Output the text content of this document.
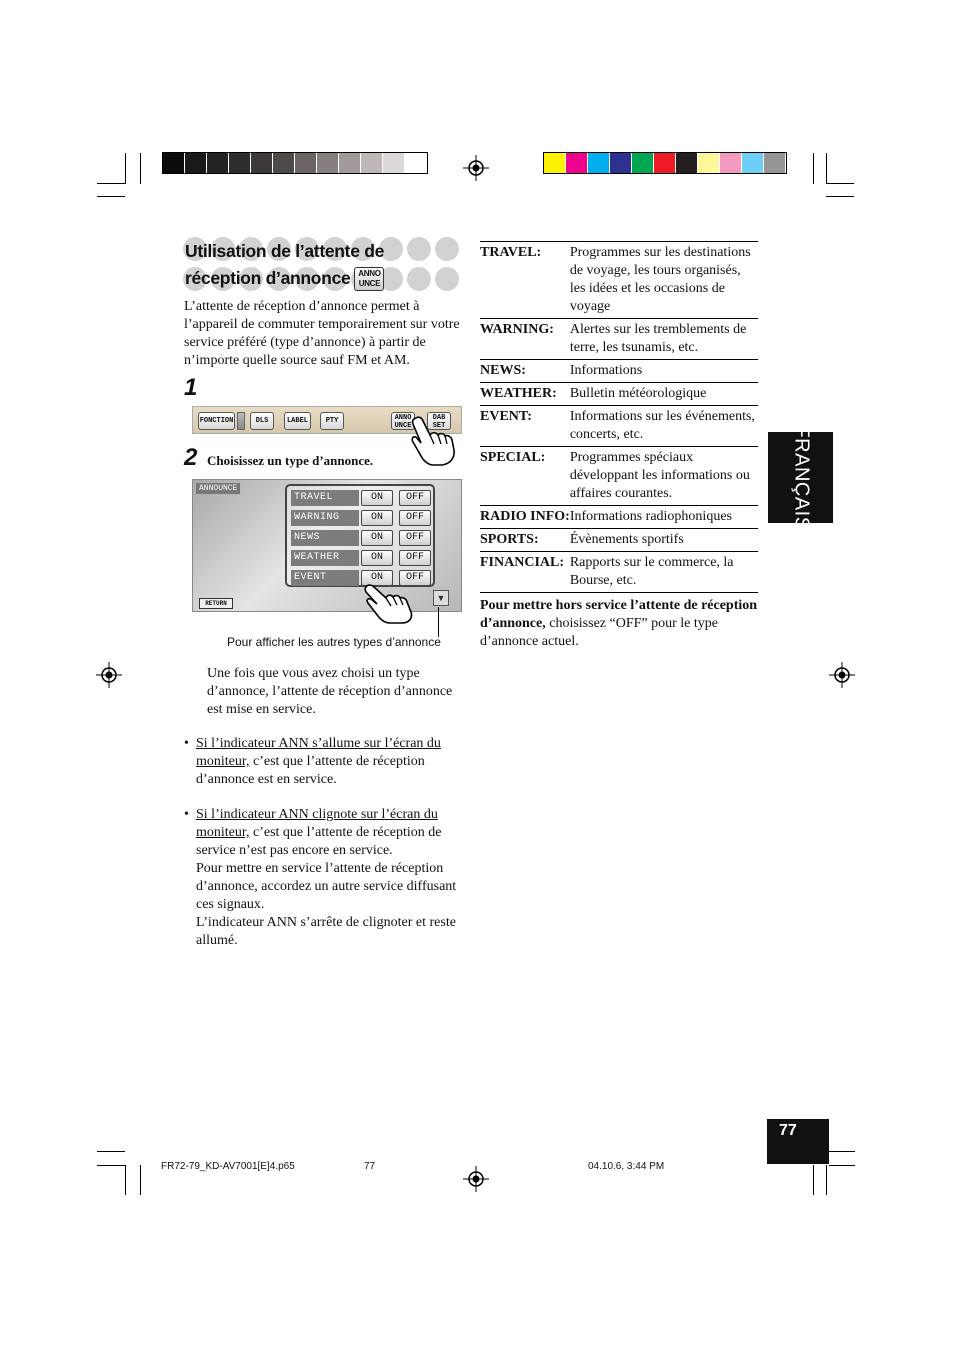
Utilisation de l’attente de
réception d’annonce ANNO
UNCE
L’attente de réception d’annonce permet à l’appareil de commuter temporairement sur votre service préféré (type d’annonce) à partir de n’importe quelle source sauf FM et AM.
1
FONCTION	DLS	LABEL	PTY	ANNO UNCE
DAB SET
2 Choisissez un type d’annonce.
ANNOUNCE
TRAVEL	ON	OFF
WARNING	ON	OFF
NEWS	ON	OFF
WEATHER	ON	OFF
EVENT	ON	OFF
RETURN
▼
Pour afficher les autres types d’annonce
Une fois que vous avez choisi un type d’annonce, l’attente de réception d’annonce est mise en service.
• Si l’indicateur ANN s’allume sur l’écran du moniteur, c’est que l’attente de réception d’annonce est en service.
• Si l’indicateur ANN clignote sur l’écran du moniteur, c’est que l’attente de réception de service n’est pas encore en service.
Pour mettre en service l’attente de réception d’annonce, accordez un autre service diffusant ces signaux.
L’indicateur ANN s’arrête de clignoter et reste allumé.
TRAVEL:	Programmes sur les destinations de voyage, les tours organisés, les idées et les occasions de voyage
WARNING:	Alertes sur les tremblements de terre, les tsunamis, etc.
NEWS:	Informations
WEATHER:	Bulletin météorologique
EVENT:	Informations sur les événements, concerts, etc.
SPECIAL:	Programmes spéciaux développant les informations ou affaires courantes.
RADIO INFO:	Informations radiophoniques
SPORTS:	Évènements sportifs
FINANCIAL:	Rapports sur le commerce, la Bourse, etc.
Pour mettre hors service l’attente de réception d’annonce, choisissez “OFF” pour le type d’annonce actuel.
FRANÇAIS
77
FR72-79_KD-AV7001[E]4.p65	77	04.10.6, 3:44 PM
